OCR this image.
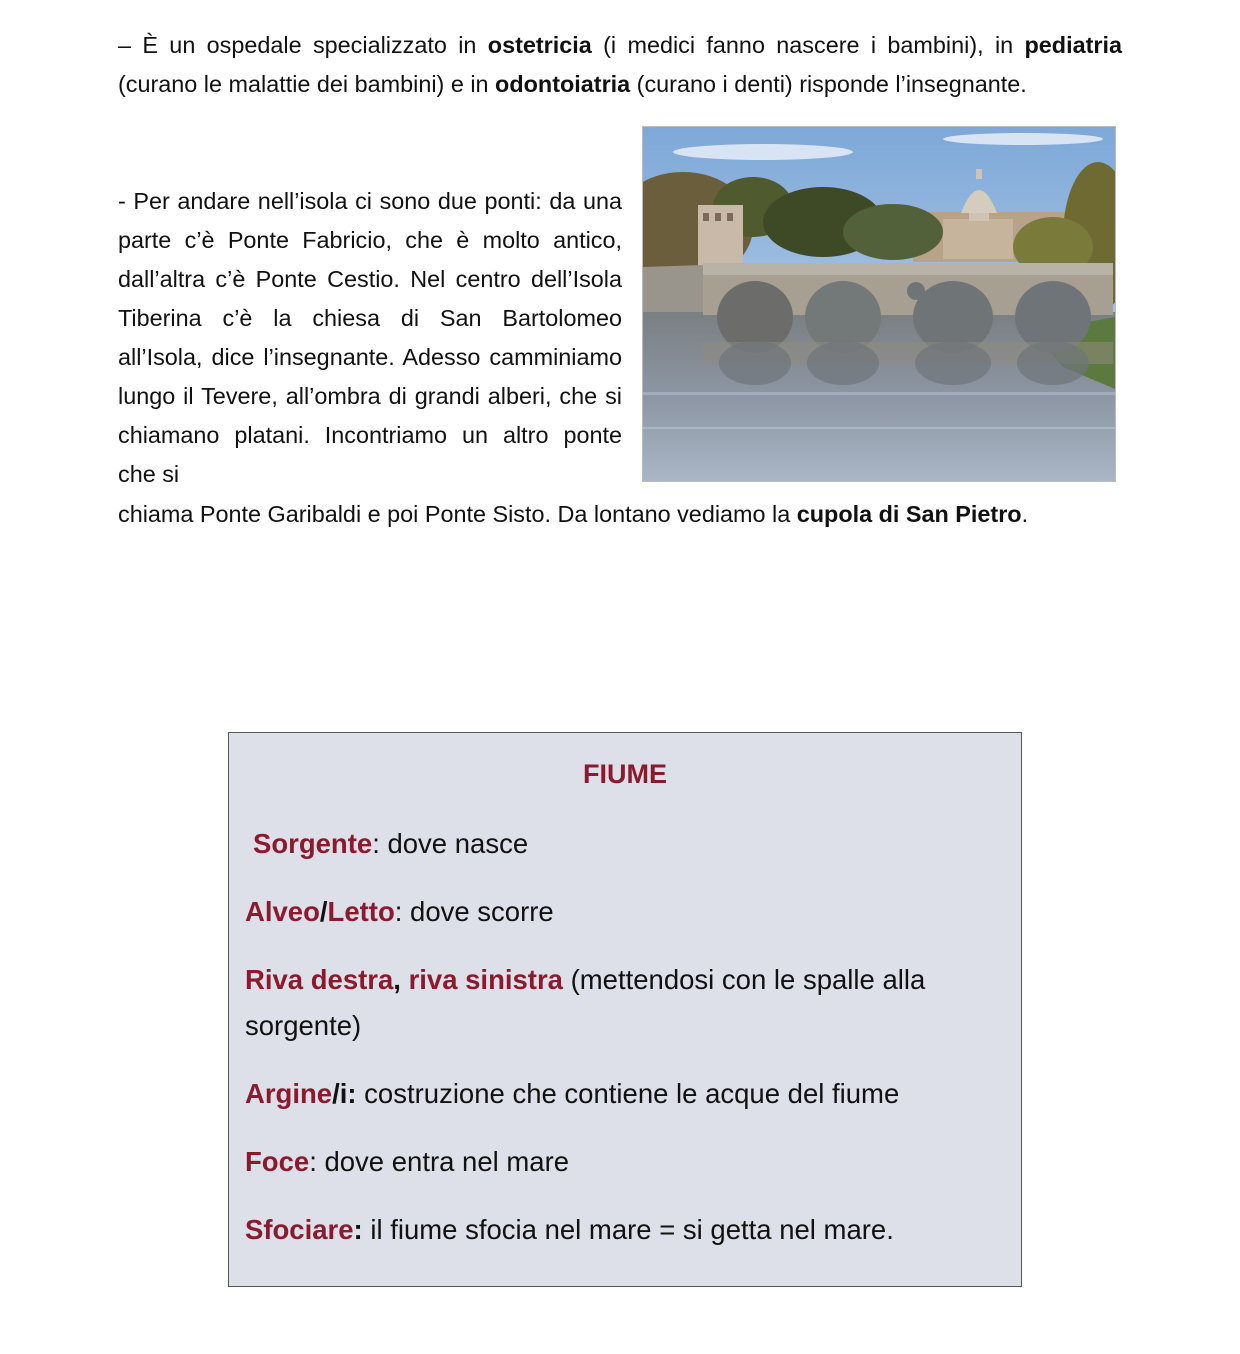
– È un ospedale specializzato in ostetricia (i medici fanno nascere i bambini), in pediatria (curano le malattie dei bambini) e in odontoiatria (curano i denti) risponde l’insegnante.

- Per andare nell’isola ci sono due ponti: da una parte c’è Ponte Fabricio, che è molto antico, dall’altra c’è Ponte Cestio. Nel centro dell’Isola Tiberina c’è la chiesa di San Bartolomeo all’Isola, dice l’insegnante. Adesso camminiamo lungo il Tevere, all’ombra di grandi alberi, che si chiamano platani. Incontriamo un altro ponte che si

chiama Ponte Garibaldi e poi Ponte Sisto. Da lontano vediamo la cupola di San Pietro.

FIUME
Sorgente: dove nasce
Alveo/Letto: dove scorre
Riva destra, riva sinistra (mettendosi con le spalle alla sorgente)
Argine/i: costruzione che contiene le acque del fiume
Foce: dove entra nel mare
Sfociare: il fiume sfocia nel mare = si getta nel mare.
